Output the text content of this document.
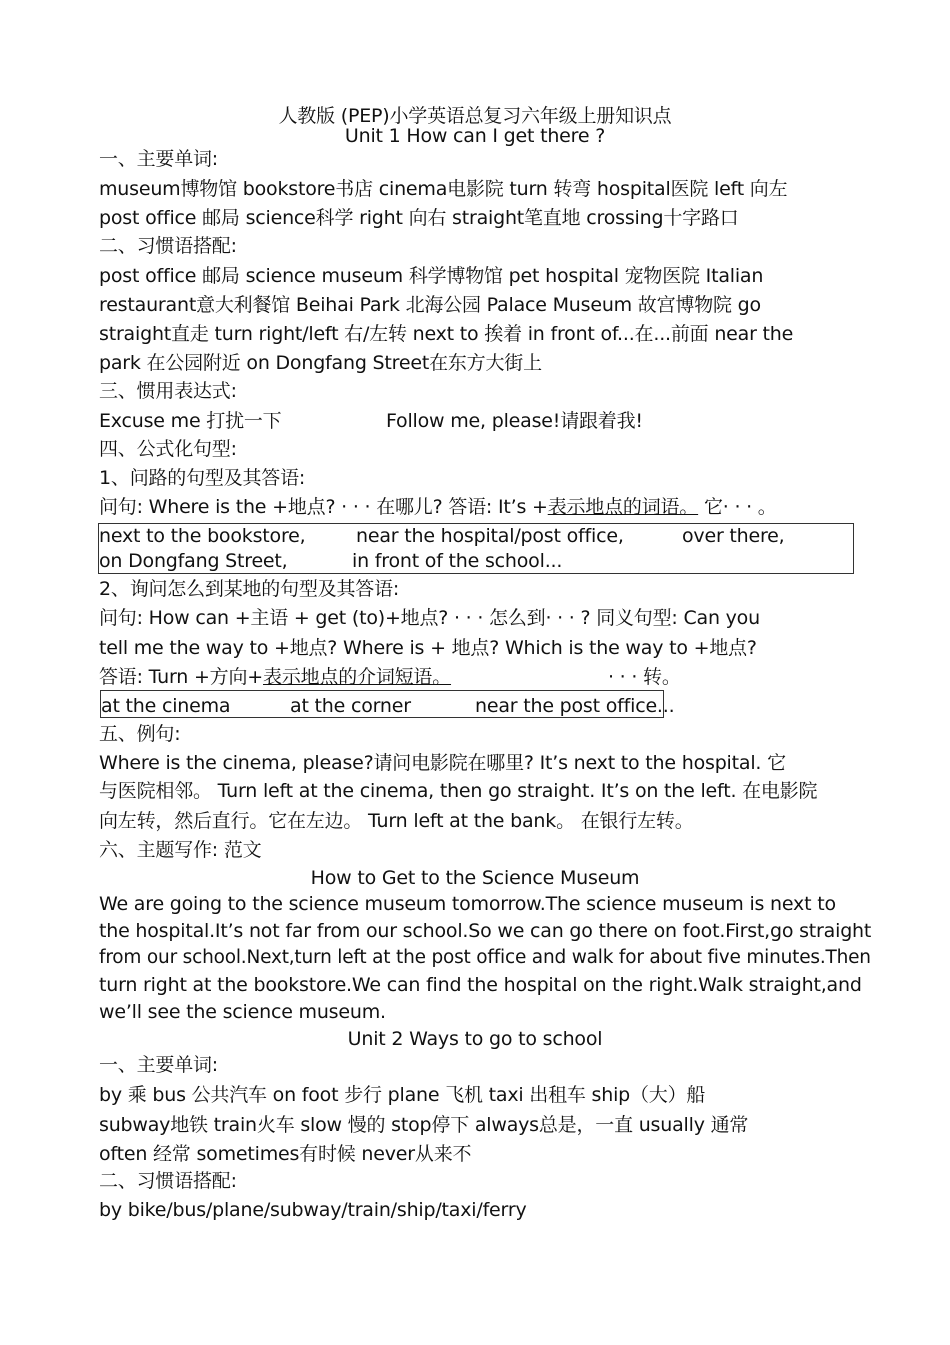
人教版 (PEP)小学英语总复习六年级上册知识点
Unit 1 How can I get there ?
一、主要单词:
museum博物馆 bookstore书店 cinema电影院 turn 转弯 hospital医院 left 向左
post office 邮局 science科学 right 向右 straight笔直地 crossing十字路口
二、习惯语搭配:
post office 邮局 science museum 科学博物馆 pet hospital 宠物医院 Italian
restaurant意大利餐馆 Beihai Park 北海公园 Palace Museum 故宫博物院 go
straight直走 turn right/left 右/左转 next to 挨着 in front of...在...前面 near the
park 在公园附近 on Dongfang Street在东方大街上
三、惯用表达式:
Excuse me 打扰一下	Follow me, please!请跟着我!
四、公式化句型:
1、问路的句型及其答语:
问句: Where is the +地点? · · · 在哪儿? 答语: It’s +表示地点的词语。 它· · · 。
next to the bookstore,	near the hospital/post office,	over there,
on Dongfang Street,	in front of the school...
2、询问怎么到某地的句型及其答语:
问句: How can +主语 + get (to)+地点? · · · 怎么到· · · ? 同义句型: Can you
tell me the way to +地点? Where is + 地点? Which is the way to +地点?
答语: Turn +方向+表示地点的介词短语。	· · · 转。
at the cinema	at the corner	near the post office...
五、例句:
Where is the cinema, please?请问电影院在哪里? It’s next to the hospital. 它
与医院相邻。 Turn left at the cinema, then go straight. It’s on the left. 在电影院
向左转，然后直行。它在左边。 Turn left at the bank。 在银行左转。
六、主题写作: 范文
How to Get to the Science Museum
We are going to the science museum tomorrow.The science museum is next to
the hospital.It’s not far from our school.So we can go there on foot.First,go straight
from our school.Next,turn left at the post office and walk for about five minutes.Then
turn right at the bookstore.We can find the hospital on the right.Walk straight,and
we’ll see the science museum.
Unit 2 Ways to go to school
一、主要单词:
by 乘 bus 公共汽车 on foot 步行 plane 飞机 taxi 出租车 ship（大）船
subway地铁 train火车 slow 慢的 stop停下 always总是，一直 usually 通常
often 经常 sometimes有时候 never从来不
二、习惯语搭配:
by bike/bus/plane/subway/train/ship/taxi/ferry
